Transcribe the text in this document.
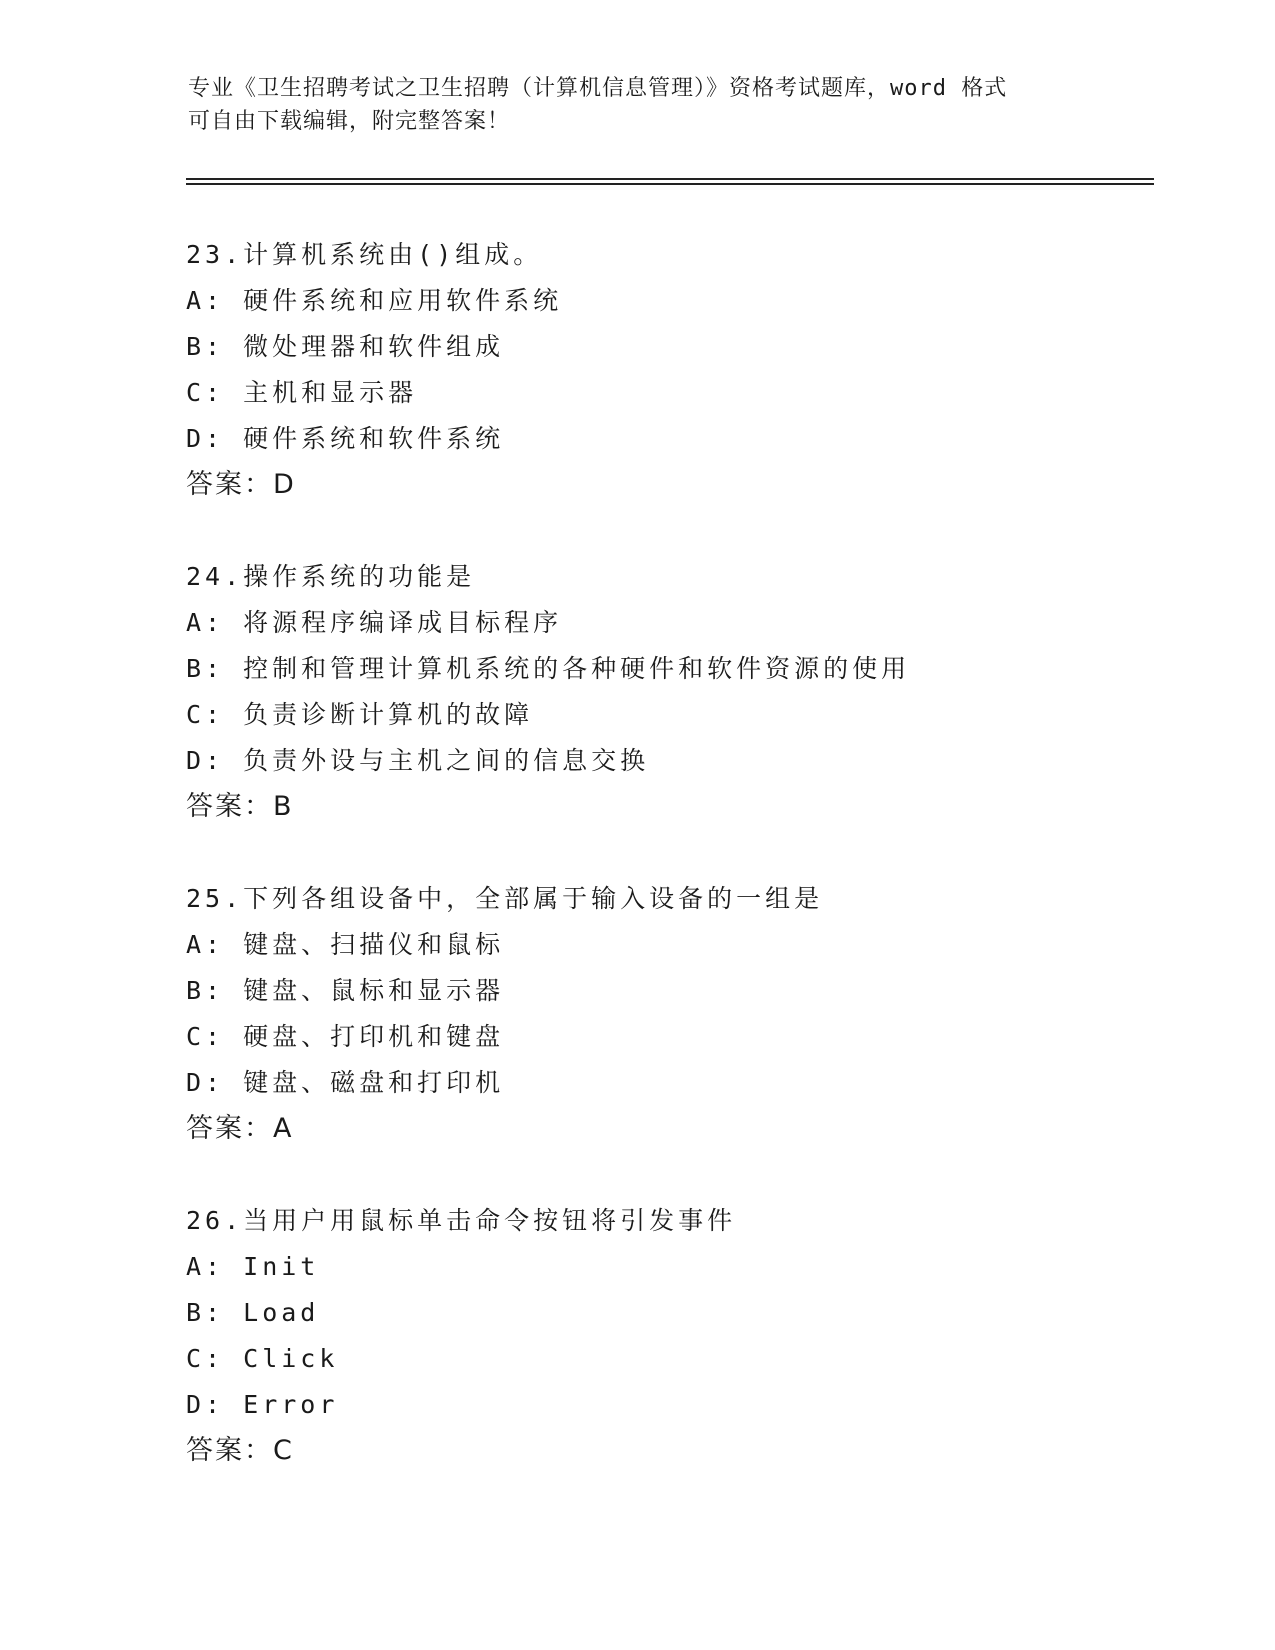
专业《卫生招聘考试之卫生招聘（计算机信息管理）》资格考试题库，word 格式
可自由下载编辑，附完整答案！
23.计算机系统由()组成。
A: 硬件系统和应用软件系统
B: 微处理器和软件组成
C: 主机和显示器
D: 硬件系统和软件系统
答案：D
24.操作系统的功能是
A: 将源程序编译成目标程序
B: 控制和管理计算机系统的各种硬件和软件资源的使用
C: 负责诊断计算机的故障
D: 负责外设与主机之间的信息交换
答案：B
25.下列各组设备中，全部属于输入设备的一组是
A: 键盘、扫描仪和鼠标
B: 键盘、鼠标和显示器
C: 硬盘、打印机和键盘
D: 键盘、磁盘和打印机
答案：A
26.当用户用鼠标单击命令按钮将引发事件
A: Init
B: Load
C: Click
D: Error
答案：C
